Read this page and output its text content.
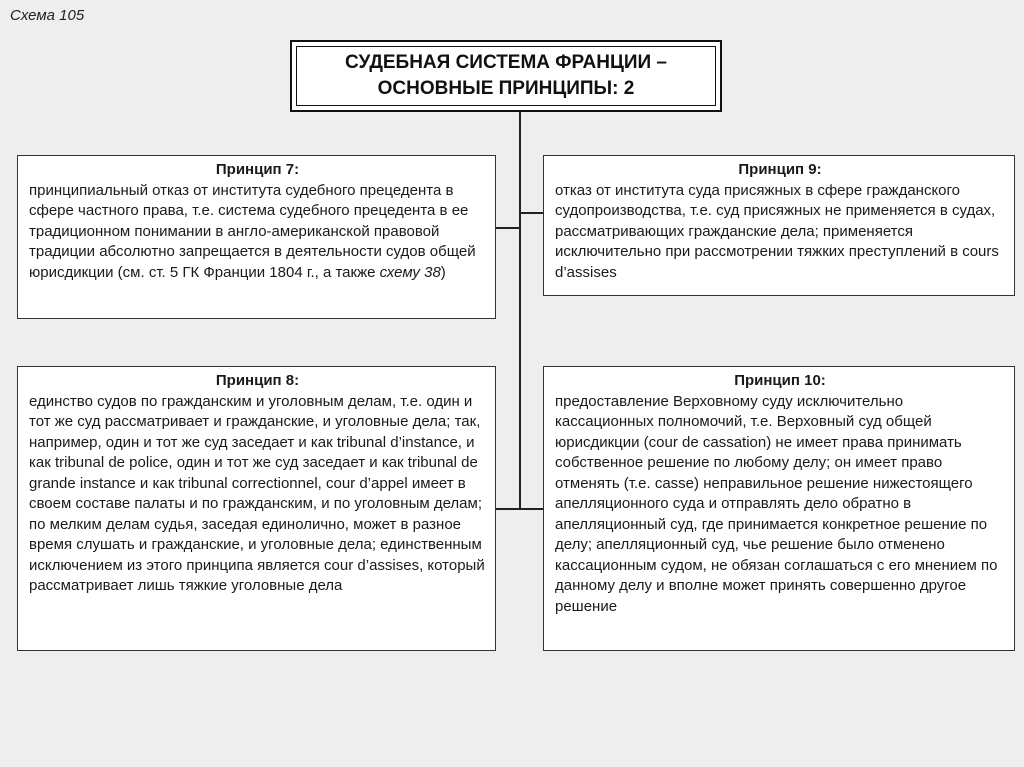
Схема 105
СУДЕБНАЯ СИСТЕМА ФРАНЦИИ –
ОСНОВНЫЕ ПРИНЦИПЫ: 2
Принцип 7:
принципиальный отказ от института судебного прецедента в сфере частного права, т.е. система судебного прецедента в ее традиционном понимании в англо-американской правовой традиции абсолютно запрещается в деятельности судов общей юрисдикции (см. ст. 5 ГК Франции 1804 г., а также схему 38)
Принцип 8:
единство судов по гражданским и уголовным делам, т.е. один и тот же суд рассматривает и гражданские, и уголовные дела; так, например, один и тот же суд заседает и как tribunal d’instance, и как tribunal de police, один и тот же суд заседает и как tribunal de grande instance и как tribunal correctionnel, cour d’appel имеет в своем составе палаты и по гражданским, и по уголовным делам; по мелким делам судья, заседая единолично, может в разное время слушать и гражданские, и уголовные дела; единственным исключением из этого принципа является cour d’assises, который рассматривает лишь тяжкие уголовные дела
Принцип 9:
отказ от института суда присяжных в сфере гражданского судопроизводства, т.е. суд присяжных не применяется в судах, рассматривающих гражданские дела; применяется исключительно при рассмотрении тяжких преступлений в cours d’assises
Принцип 10:
предоставление Верховному суду исключительно кассационных полномочий, т.е. Верховный суд общей юрисдикции (cour de cassation) не имеет права принимать собственное решение по любому делу; он имеет право отменять (т.е. casse) неправильное решение нижестоящего апелляционного суда и отправлять дело обратно в апелляционный суд, где принимается конкретное решение по делу; апелляционный суд, чье решение было отменено кассационным судом, не обязан соглашаться с его мнением по данному делу и вполне может принять совершенно другое решение
